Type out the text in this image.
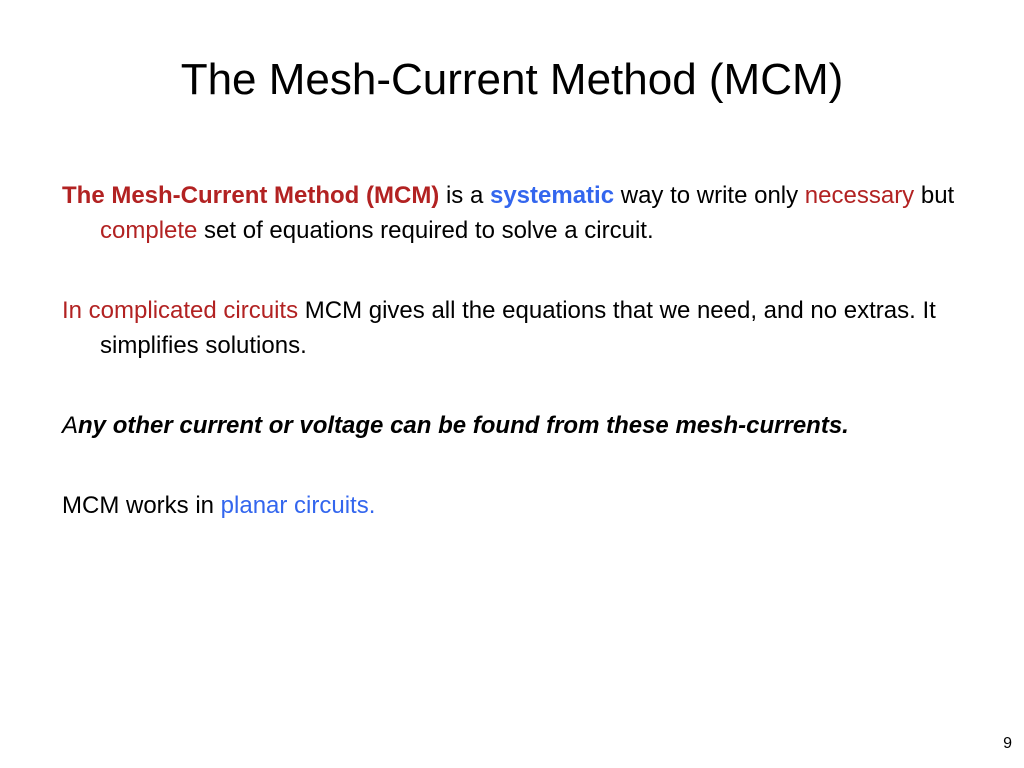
The Mesh-Current Method (MCM)

The Mesh-Current Method (MCM) is a systematic way to write only necessary but complete set of equations required to solve a circuit.

In complicated circuits MCM gives all the equations that we need, and no extras. It simplifies solutions.

Any other current or voltage can be found from these mesh-currents.

MCM works in planar circuits.

9
